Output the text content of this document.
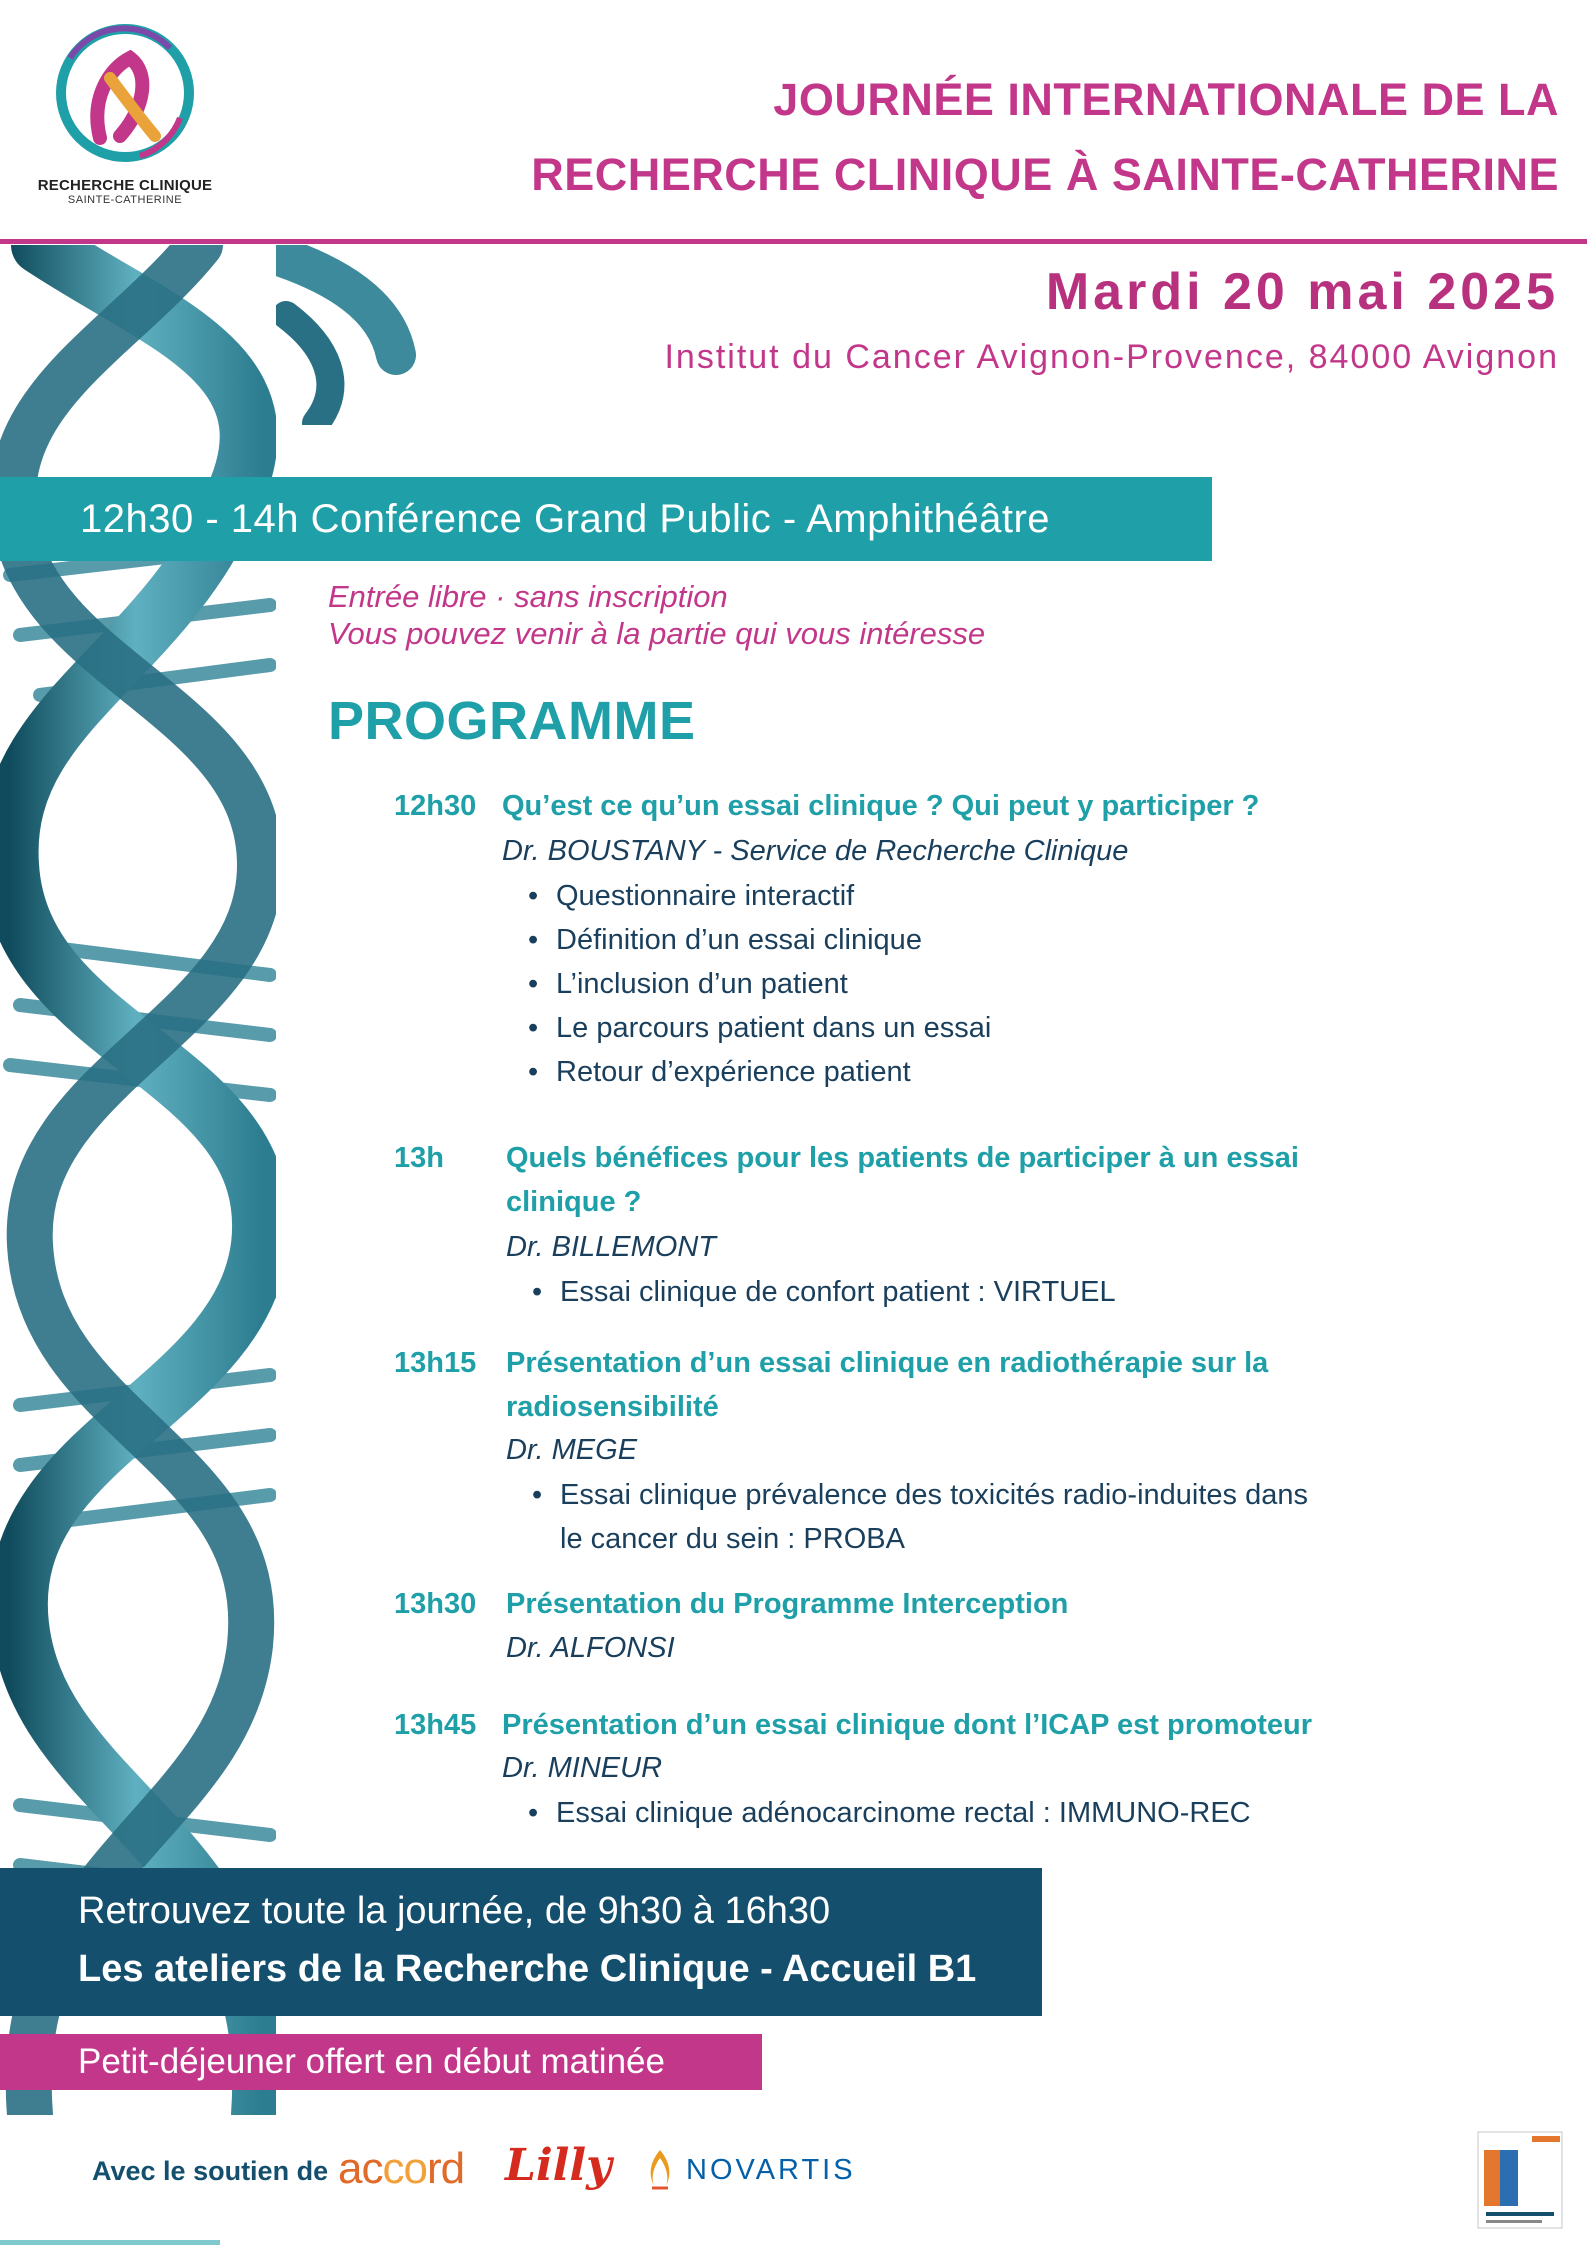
RECHERCHE CLINIQUE
SAINTE-CATHERINE
JOURNÉE INTERNATIONALE DE LA
RECHERCHE CLINIQUE À SAINTE-CATHERINE
Mardi 20 mai 2025
Institut du Cancer Avignon-Provence, 84000 Avignon
12h30 - 14h Conférence Grand Public - Amphithéâtre
Entrée libre · sans inscription
Vous pouvez venir à la partie qui vous intéresse
PROGRAMME
12h30 Qu’est ce qu’un essai clinique ? Qui peut y participer ?
Dr. BOUSTANY - Service de Recherche Clinique
• Questionnaire interactif
• Définition d’un essai clinique
• L’inclusion d’un patient
• Le parcours patient dans un essai
• Retour d’expérience patient
13h Quels bénéfices pour les patients de participer à un essai
clinique ?
Dr. BILLEMONT
• Essai clinique de confort patient : VIRTUEL
13h15 Présentation d’un essai clinique en radiothérapie sur la
radiosensibilité
Dr. MEGE
• Essai clinique prévalence des toxicités radio-induites dans
le cancer du sein : PROBA
13h30 Présentation du Programme Interception
Dr. ALFONSI
13h45 Présentation d’un essai clinique dont l’ICAP est promoteur
Dr. MINEUR
• Essai clinique adénocarcinome rectal : IMMUNO-REC
Retrouvez toute la journée, de 9h30 à 16h30
Les ateliers de la Recherche Clinique - Accueil B1
Petit-déjeuner offert en début matinée
Avec le soutien de accord Lilly	NOVARTIS
